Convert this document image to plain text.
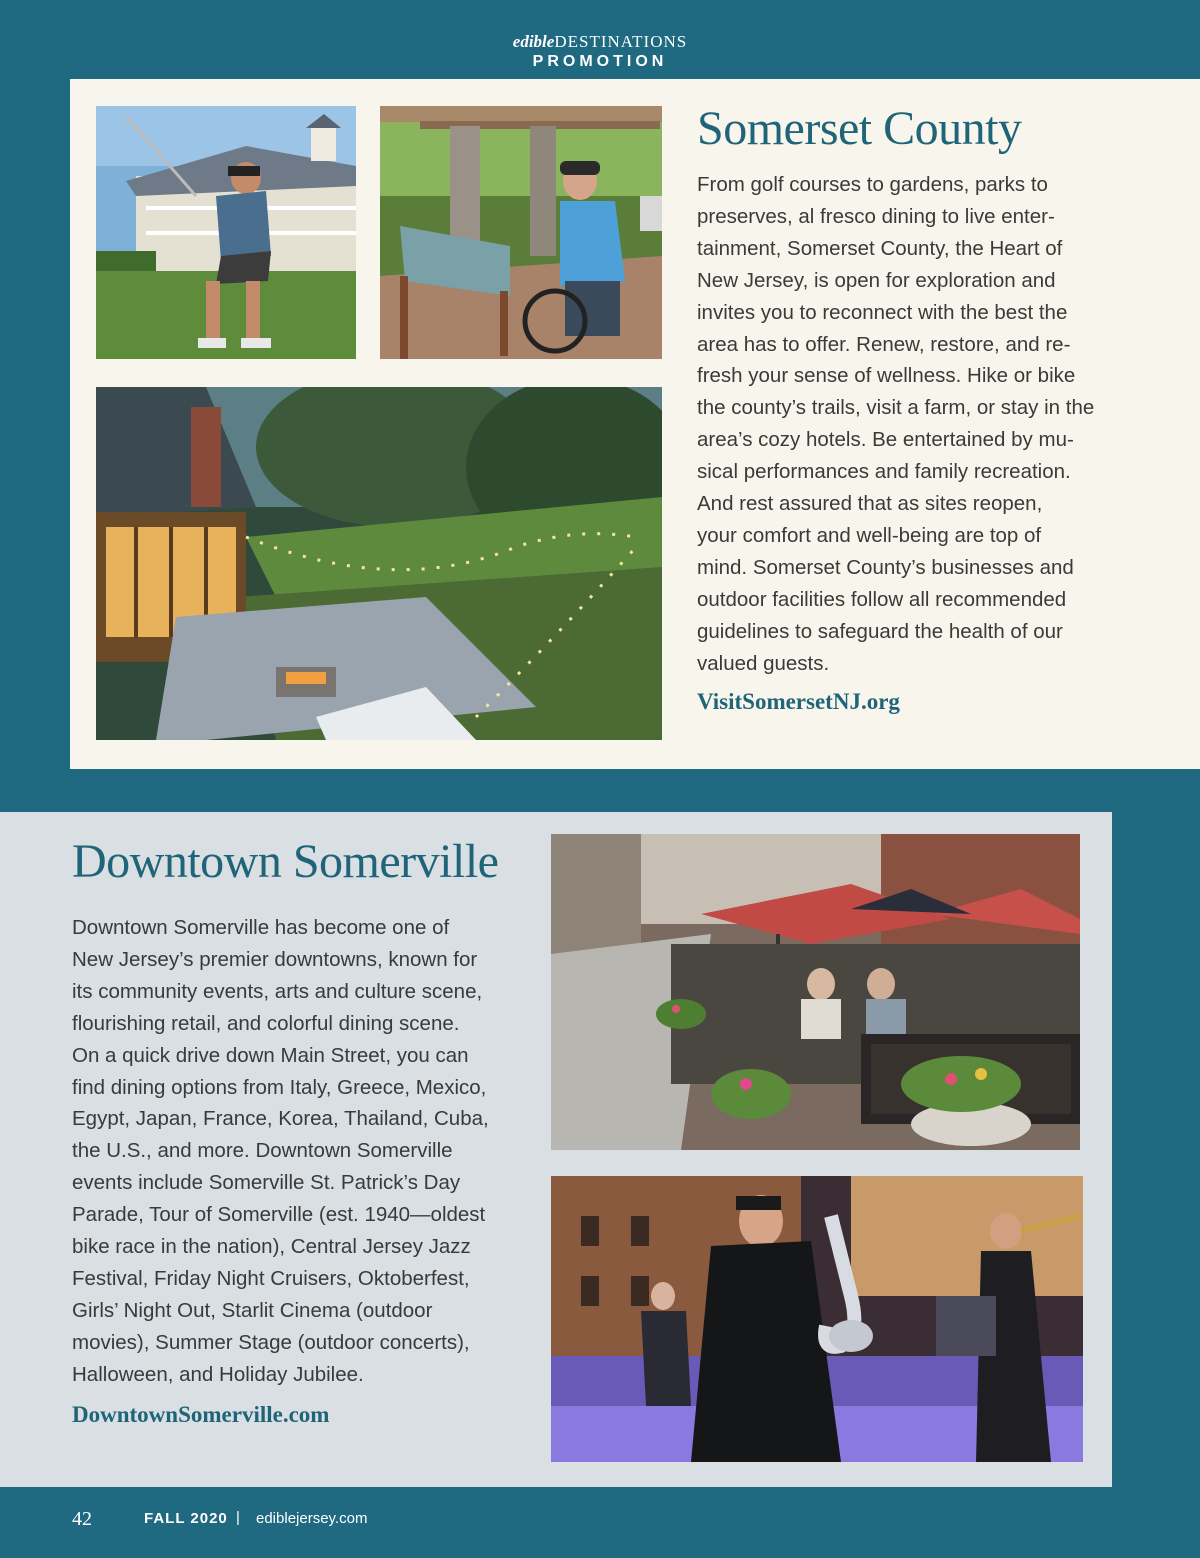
edibleDESTINATIONS
PROMOTION
Somerset County
From golf courses to gardens, parks to
preserves, al fresco dining to live enter-
tainment, Somerset County, the Heart of
New Jersey, is open for exploration and
invites you to reconnect with the best the
area has to offer. Renew, restore, and re-
fresh your sense of wellness. Hike or bike
the county’s trails, visit a farm, or stay in the
area’s cozy hotels. Be entertained by mu-
sical performances and family recreation.
And rest assured that as sites reopen,
your comfort and well-being are top of
mind. Somerset County’s businesses and
outdoor facilities follow all recommended
guidelines to safeguard the health of our
valued guests.
VisitSomersetNJ.org
Downtown Somerville
Downtown Somerville has become one of
New Jersey’s premier downtowns, known for
its community events, arts and culture scene,
flourishing retail, and colorful dining scene.
On a quick drive down Main Street, you can
find dining options from Italy, Greece, Mexico,
Egypt, Japan, France, Korea, Thailand, Cuba,
the U.S., and more. Downtown Somerville
events include Somerville St. Patrick’s Day
Parade, Tour of Somerville (est. 1940—oldest
bike race in the nation), Central Jersey Jazz
Festival, Friday Night Cruisers, Oktoberfest,
Girls’ Night Out, Starlit Cinema (outdoor
movies), Summer Stage (outdoor concerts),
Halloween, and Holiday Jubilee.
DowntownSomerville.com
42	FALL 2020 | ediblejersey.com
